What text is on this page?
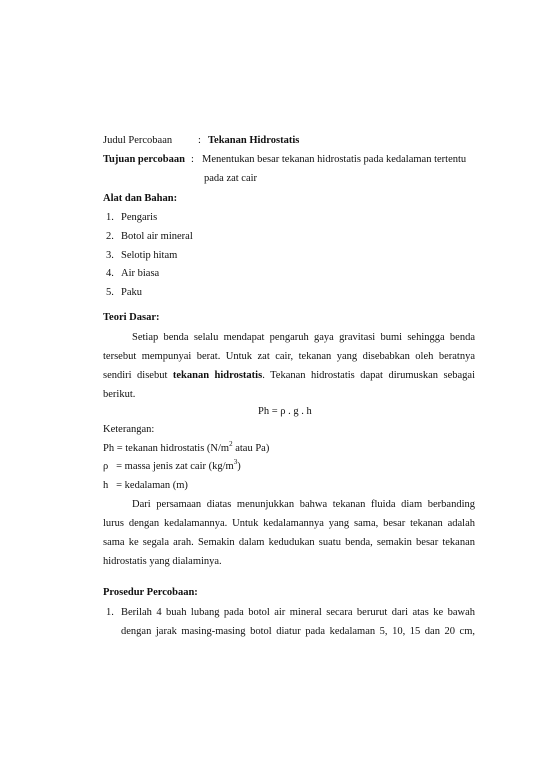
Judul Percobaan : Tekanan Hidrostatis
Tujuan percobaan : Menentukan besar tekanan hidrostatis pada kedalaman tertentu
pada zat cair
Alat dan Bahan:
1. Pengaris
2. Botol air mineral
3. Selotip hitam
4. Air biasa
5. Paku
Teori Dasar:
Setiap benda selalu mendapat pengaruh gaya gravitasi bumi sehingga benda
tersebut mempunyai berat. Untuk zat cair, tekanan yang disebabkan oleh beratnya
sendiri disebut tekanan hidrostatis. Tekanan hidrostatis dapat dirumuskan sebagai
berikut.
Ph = ρ . g . h
Keterangan:
Ph = tekanan hidrostatis ($N/m^2$ atau Pa)
ρ   = massa jenis zat cair $(kg/m^3)$
h   = kedalaman (m)
Dari persamaan diatas menunjukkan bahwa tekanan fluida diam berbanding
lurus dengan kedalamannya. Untuk kedalamannya yang sama, besar tekanan adalah
sama ke segala arah. Semakin dalam kedudukan suatu benda, semakin besar tekanan
hidrostatis yang dialaminya.
Prosedur Percobaan:
1. Berilah 4 buah lubang pada botol air mineral secara berurut dari atas ke bawah
dengan jarak masing-masing botol diatur pada kedalaman 5, 10, 15 dan 20 cm,
